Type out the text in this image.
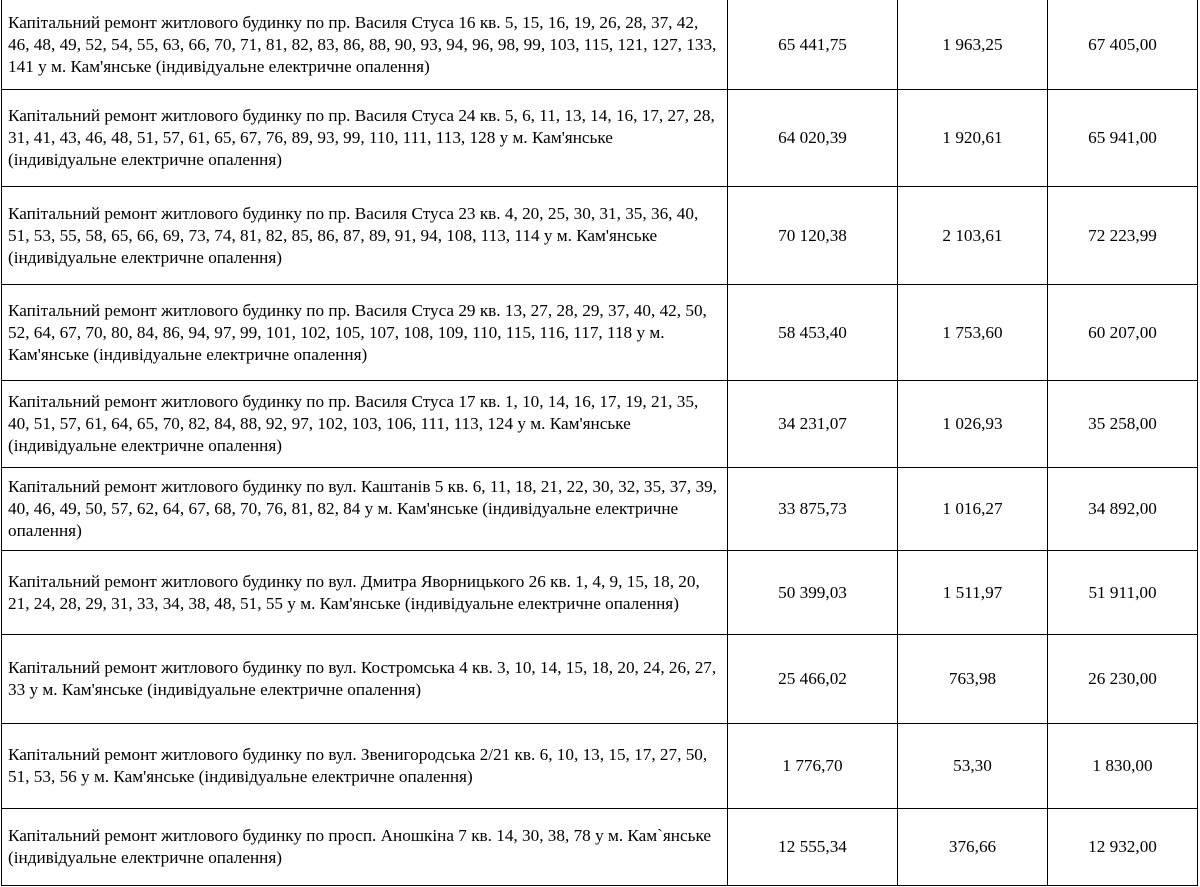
Капітальний ремонт житлового будинку по пр. Василя Стуса 16 кв. 5, 15, 16, 19, 26, 28, 37, 42, 46, 48, 49, 52, 54, 55, 63, 66, 70, 71, 81, 82, 83, 86, 88, 90, 93, 94, 96, 98, 99, 103, 115, 121, 127, 133, 141 у м. Кам'янське (індивідуальне електричне опалення)	65 441,75	1 963,25	67 405,00
Капітальний ремонт житлового будинку по пр. Василя Стуса 24 кв. 5, 6, 11, 13, 14, 16, 17, 27, 28, 31, 41, 43, 46, 48, 51, 57, 61, 65, 67, 76, 89, 93, 99, 110, 111, 113, 128 у м. Кам'янське (індивідуальне електричне опалення)	64 020,39	1 920,61	65 941,00
Капітальний ремонт житлового будинку по пр. Василя Стуса 23 кв. 4, 20, 25, 30, 31, 35, 36, 40, 51, 53, 55, 58, 65, 66, 69, 73, 74, 81, 82, 85, 86, 87, 89, 91, 94, 108, 113, 114 у м. Кам'янське (індивідуальне електричне опалення)	70 120,38	2 103,61	72 223,99
Капітальний ремонт житлового будинку по пр. Василя Стуса 29 кв. 13, 27, 28, 29, 37, 40, 42, 50, 52, 64, 67, 70, 80, 84, 86, 94, 97, 99, 101, 102, 105, 107, 108, 109, 110, 115, 116, 117, 118 у м. Кам'янське (індивідуальне електричне опалення)	58 453,40	1 753,60	60 207,00
Капітальний ремонт житлового будинку по пр. Василя Стуса 17 кв. 1, 10, 14, 16, 17, 19, 21, 35, 40, 51, 57, 61, 64, 65, 70, 82, 84, 88, 92, 97, 102, 103, 106, 111, 113, 124 у м. Кам'янське (індивідуальне електричне опалення)	34 231,07	1 026,93	35 258,00
Капітальний ремонт житлового будинку по вул. Каштанів 5 кв. 6, 11, 18, 21, 22, 30, 32, 35, 37, 39, 40, 46, 49, 50, 57, 62, 64, 67, 68, 70, 76, 81, 82, 84 у м. Кам'янське (індивідуальне електричне опалення)	33 875,73	1 016,27	34 892,00
Капітальний ремонт житлового будинку по вул. Дмитра Яворницького 26 кв. 1, 4, 9, 15, 18, 20, 21, 24, 28, 29, 31, 33, 34, 38, 48, 51, 55 у м. Кам'янське (індивідуальне електричне опалення)	50 399,03	1 511,97	51 911,00
Капітальний ремонт житлового будинку по вул. Костромська 4 кв. 3, 10, 14, 15, 18, 20, 24, 26, 27, 33 у м. Кам'янське (індивідуальне електричне опалення)	25 466,02	763,98	26 230,00
Капітальний ремонт житлового будинку по вул. Звенигородська 2/21 кв. 6, 10, 13, 15, 17, 27, 50, 51, 53, 56 у м. Кам'янське (індивідуальне електричне опалення)	1 776,70	53,30	1 830,00
Капітальний ремонт житлового будинку по просп. Аношкіна 7 кв. 14, 30, 38, 78 у м. Кам`янське (індивідуальне електричне опалення)	12 555,34	376,66	12 932,00
